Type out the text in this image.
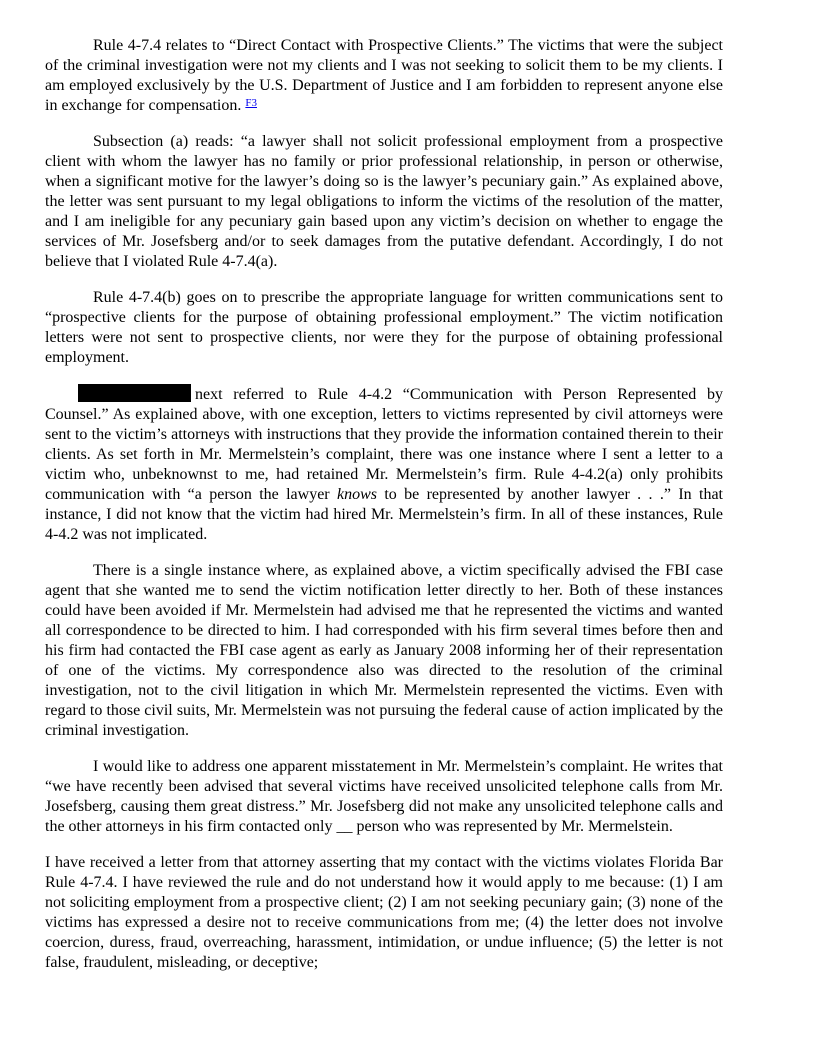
Rule 4-7.4 relates to “Direct Contact with Prospective Clients.” The victims that were the subject of the criminal investigation were not my clients and I was not seeking to solicit them to be my clients. I am employed exclusively by the U.S. Department of Justice and I am forbidden to represent anyone else in exchange for compensation. $^{F3}$

Subsection (a) reads: “a lawyer shall not solicit professional employment from a prospective client with whom the lawyer has no family or prior professional relationship, in person or otherwise, when a significant motive for the lawyer’s doing so is the lawyer’s pecuniary gain.” As explained above, the letter was sent pursuant to my legal obligations to inform the victims of the resolution of the matter, and I am ineligible for any pecuniary gain based upon any victim’s decision on whether to engage the services of Mr. Josefsberg and/or to seek damages from the putative defendant. Accordingly, I do not believe that I violated Rule 4-7.4(a).

Rule 4-7.4(b) goes on to prescribe the appropriate language for written communications sent to “prospective clients for the purpose of obtaining professional employment.” The victim notification letters were not sent to prospective clients, nor were they for the purpose of obtaining professional employment.

next referred to Rule 4-4.2 “Communication with Person Represented by Counsel.” As explained above, with one exception, letters to victims represented by civil attorneys were sent to the victim’s attorneys with instructions that they provide the information contained therein to their clients. As set forth in Mr. Mermelstein’s complaint, there was one instance where I sent a letter to a victim who, unbeknownst to me, had retained Mr. Mermelstein’s firm. Rule 4-4.2(a) only prohibits communication with “a person the lawyer knows to be represented by another lawyer . . .” In that instance, I did not know that the victim had hired Mr. Mermelstein’s firm. In all of these instances, Rule 4-4.2 was not implicated.

There is a single instance where, as explained above, a victim specifically advised the FBI case agent that she wanted me to send the victim notification letter directly to her. Both of these instances could have been avoided if Mr. Mermelstein had advised me that he represented the victims and wanted all correspondence to be directed to him. I had corresponded with his firm several times before then and his firm had contacted the FBI case agent as early as January 2008 informing her of their representation of one of the victims. My correspondence also was directed to the resolution of the criminal investigation, not to the civil litigation in which Mr. Mermelstein represented the victims. Even with regard to those civil suits, Mr. Mermelstein was not pursuing the federal cause of action implicated by the criminal investigation.

I would like to address one apparent misstatement in Mr. Mermelstein’s complaint. He writes that “we have recently been advised that several victims have received unsolicited telephone calls from Mr. Josefsberg, causing them great distress.” Mr. Josefsberg did not make any unsolicited telephone calls and the other attorneys in his firm contacted only __ person who was represented by Mr. Mermelstein.

I have received a letter from that attorney asserting that my contact with the victims violates Florida Bar Rule 4-7.4. I have reviewed the rule and do not understand how it would apply to me because: (1) I am not soliciting employment from a prospective client; (2) I am not seeking pecuniary gain; (3) none of the victims has expressed a desire not to receive communications from me; (4) the letter does not involve coercion, duress, fraud, overreaching, harassment, intimidation, or undue influence; (5) the letter is not false, fraudulent, misleading, or deceptive;
